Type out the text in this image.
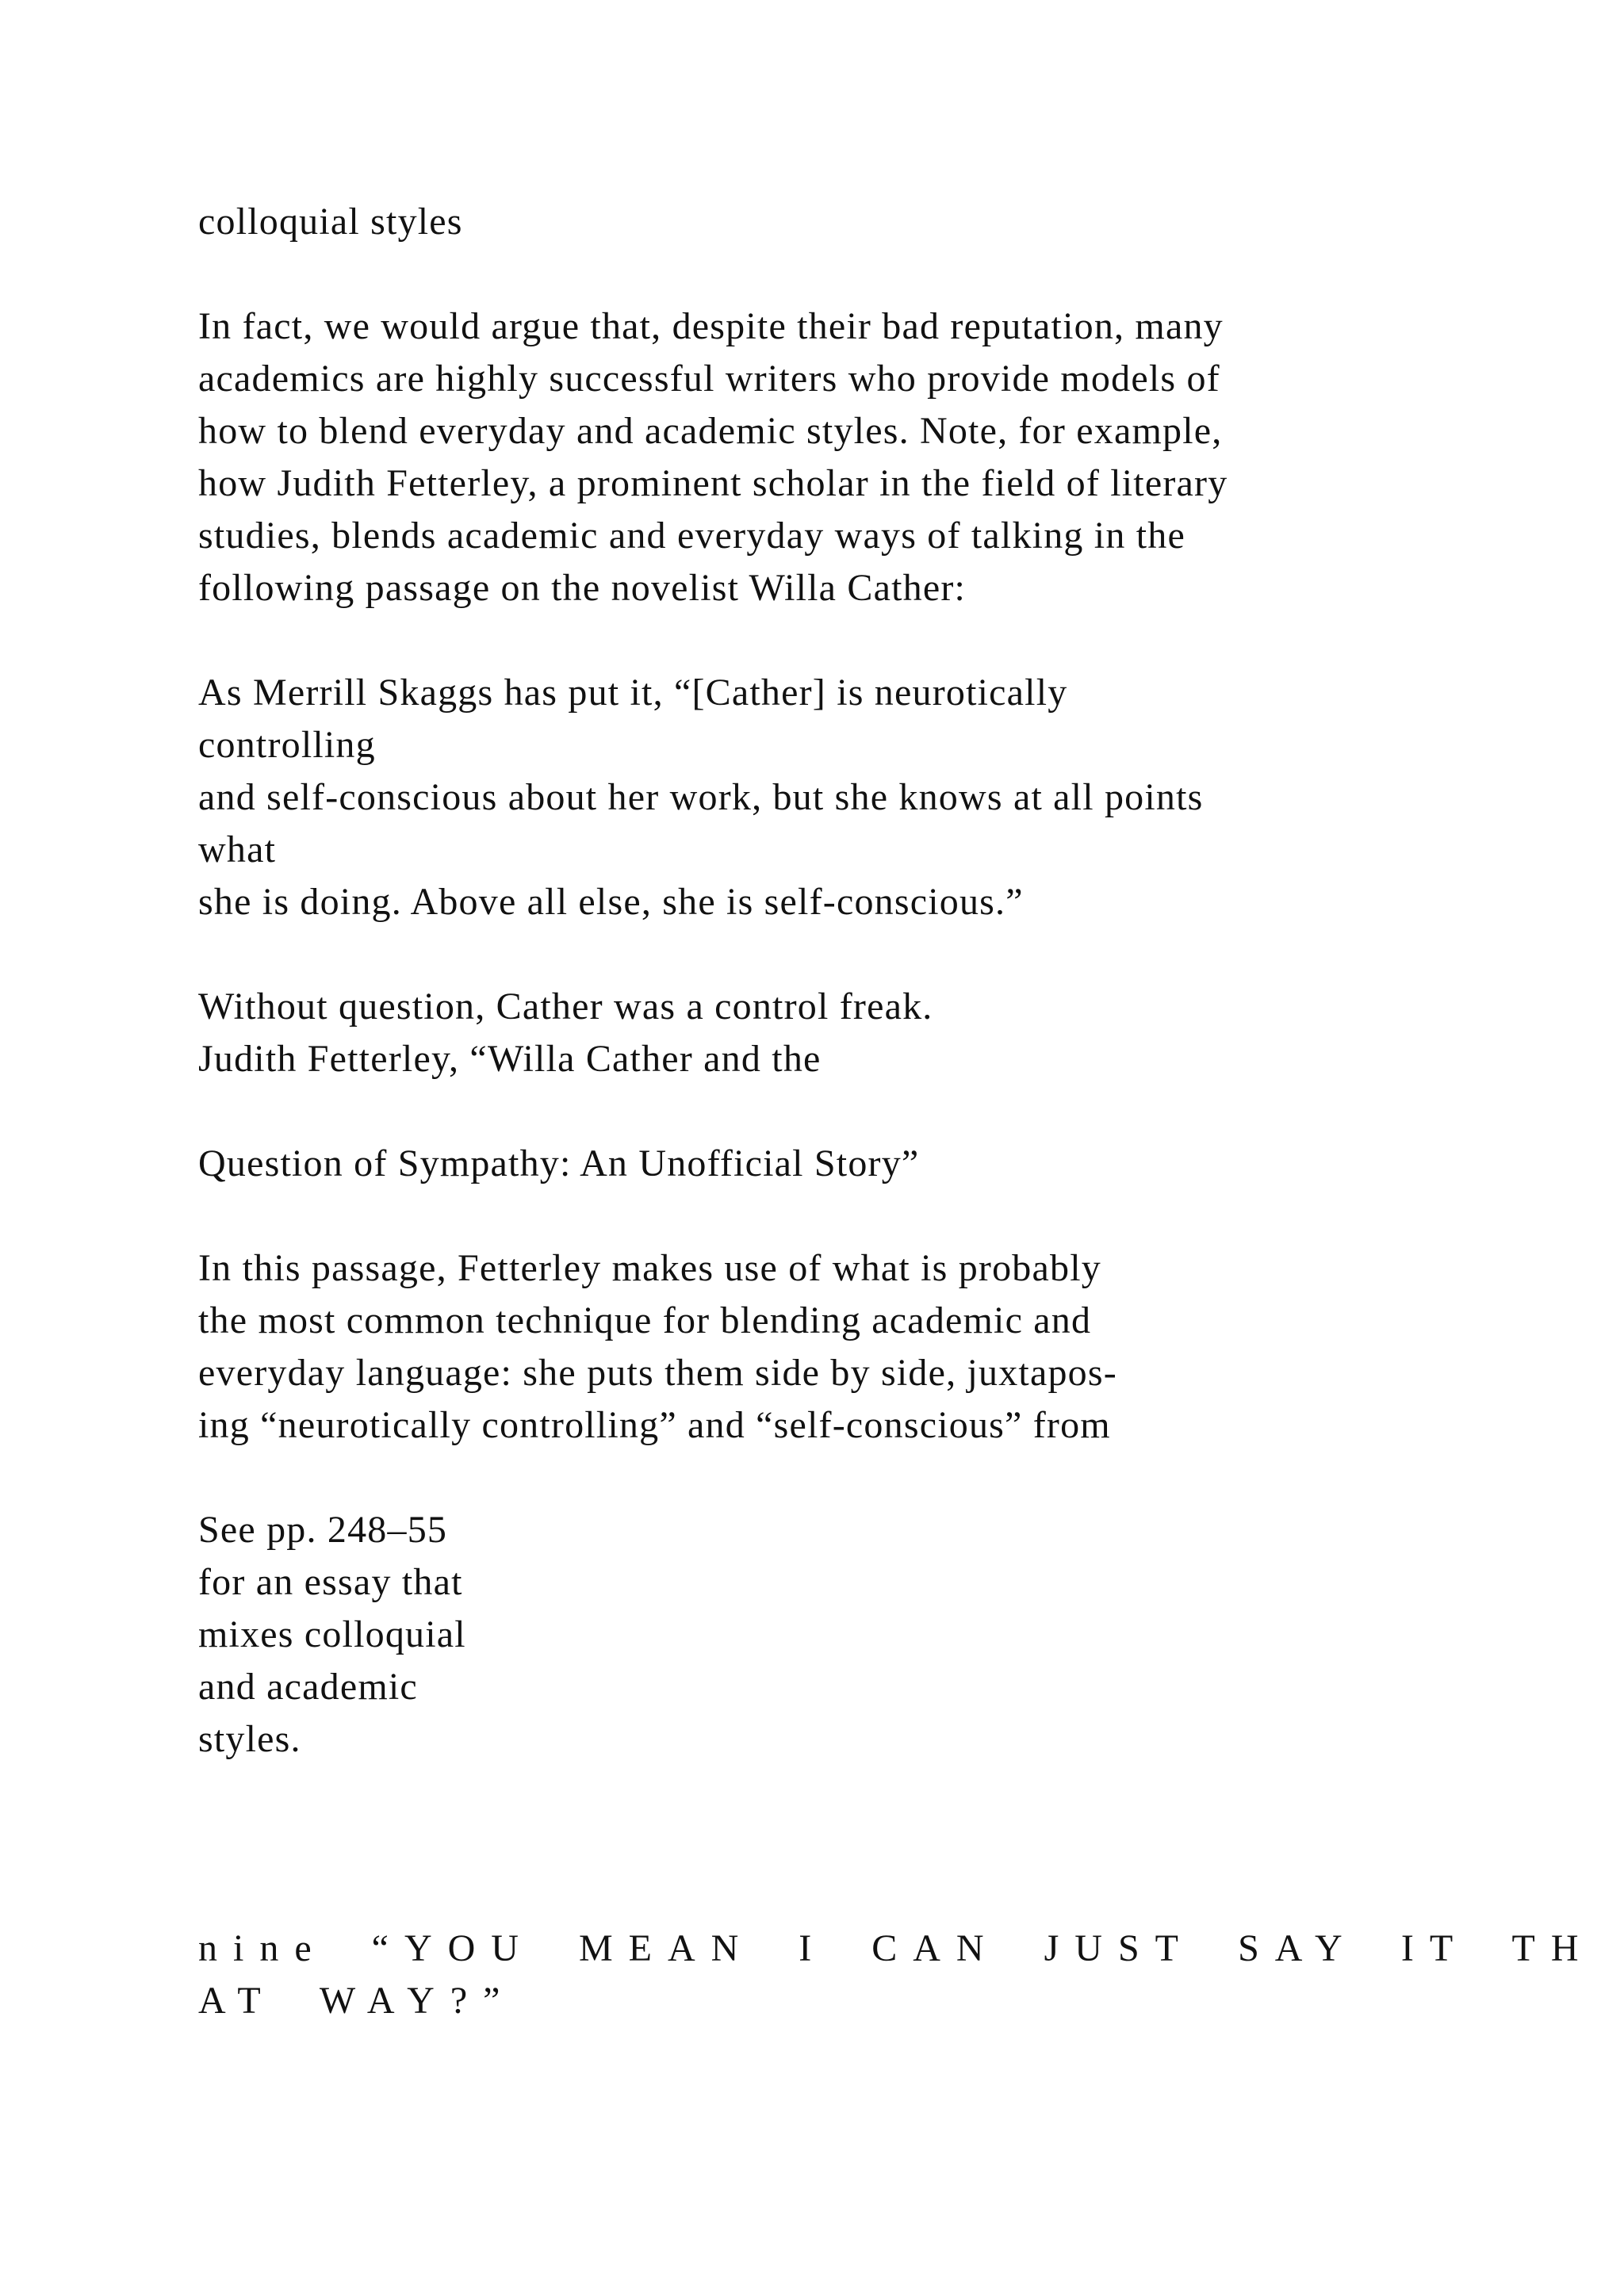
colloquial styles

In fact, we would argue that, despite their bad reputation, many

academics are highly successful writers who provide models of

how to blend everyday and academic styles. Note, for example,

how Judith Fetterley, a prominent scholar in the field of literary

studies, blends academic and everyday ways of talking in the

following passage on the novelist Willa Cather:

As Merrill Skaggs has put it, “[Cather] is neurotically

controlling

and self-conscious about her work, but she knows at all points

what

she is doing. Above all else, she is self-conscious.”

Without question, Cather was a control freak.

Judith Fetterley, “Willa Cather and the

Question of Sympathy: An Unofficial Story”

In this passage, Fetterley makes use of what is probably

the most common technique for blending academic and

everyday language: she puts them side by side, juxtapos-

ing “neurotically controlling” and “self-conscious” from

See pp. 248–55

for an essay that

mixes colloquial

and academic

styles.

nine “YOU MEAN I CAN JUST SAY IT TH

AT WAY?”
